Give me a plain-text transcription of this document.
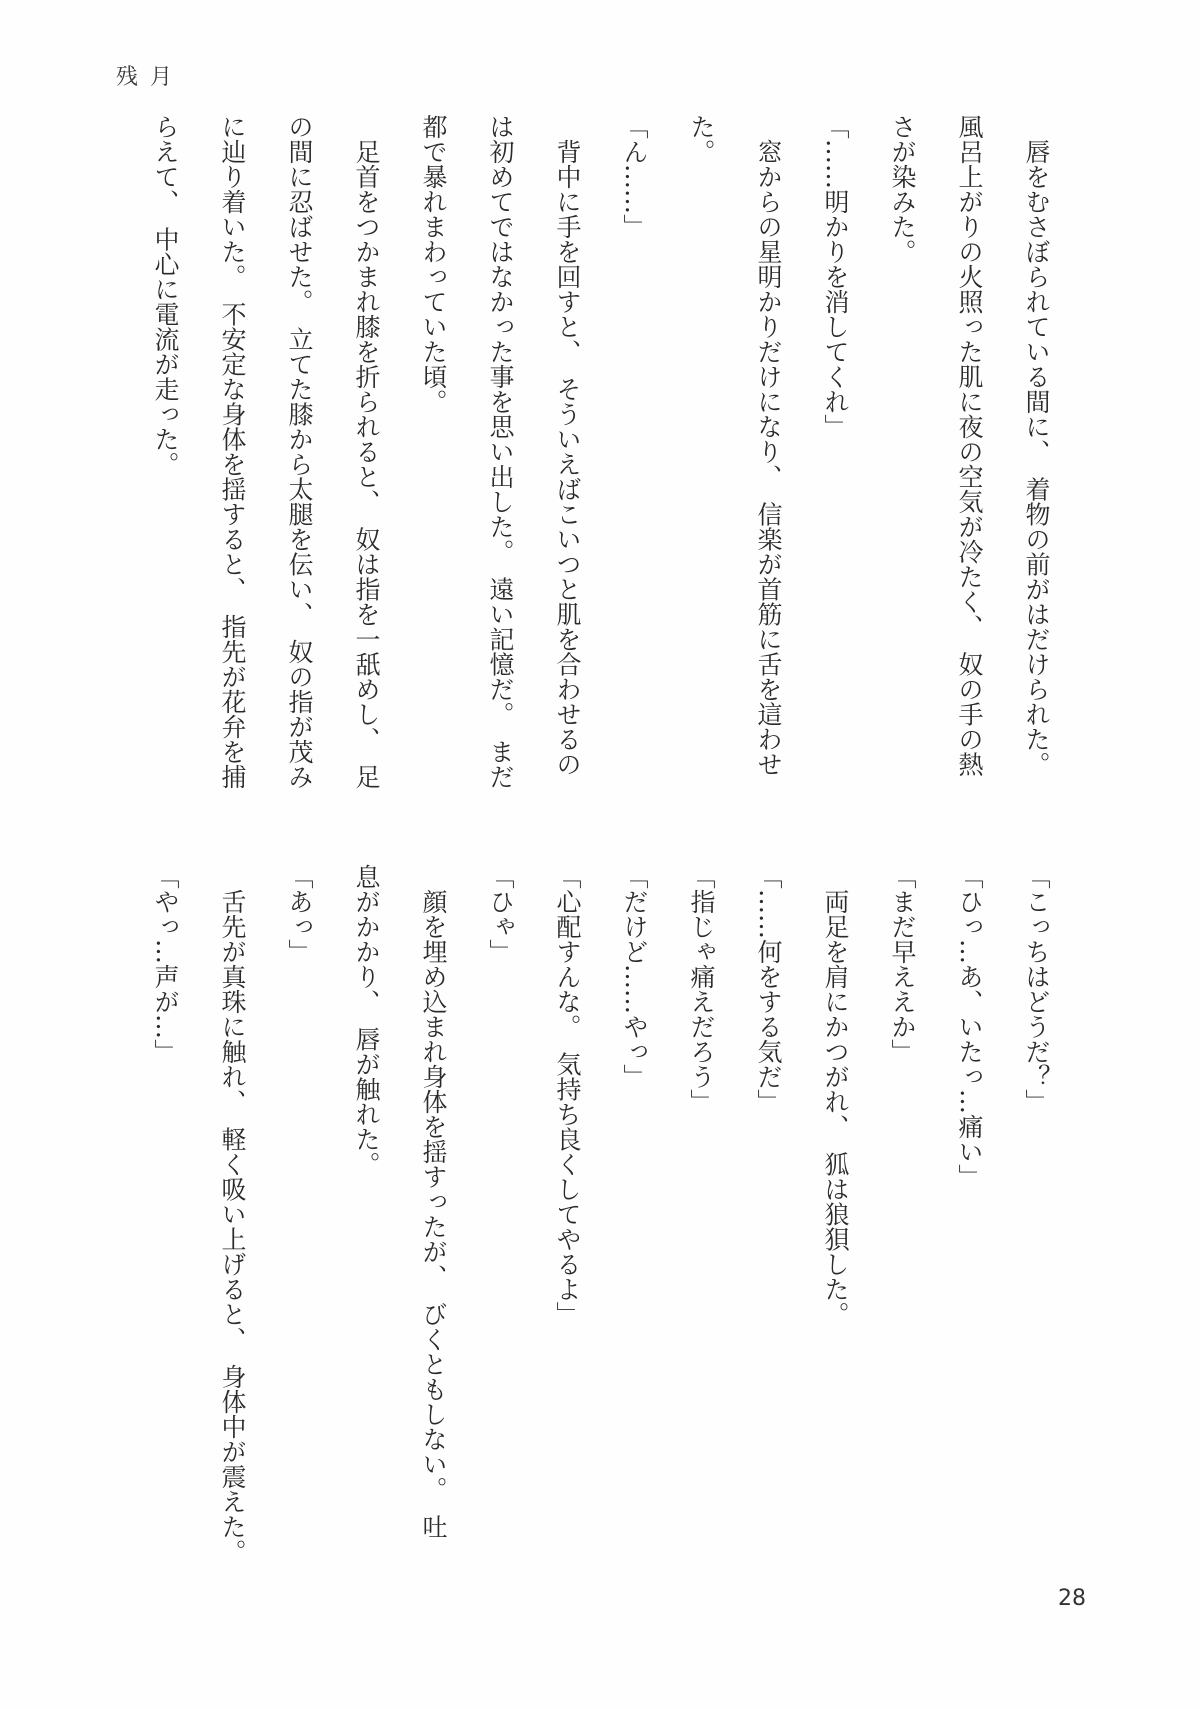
残月
唇をむさぼられている間に、　着物の前がはだけられた。
風呂上がりの火照った肌に夜の空気が冷たく、　奴の手の熱
さが染みた。
「……明かりを消してくれ」
窓からの星明かりだけになり、　信楽が首筋に舌を這わせ
た。
「ん……」
背中に手を回すと、　そういえばこいつと肌を合わせるの
は初めてではなかった事を思い出した。　遠い記憶だ。　まだ
都で暴れまわっていた頃。
足首をつかまれ膝を折られると、　奴は指を一舐めし、　足
の間に忍ばせた。　立てた膝から太腿を伝い、　奴の指が茂み
に辿り着いた。　不安定な身体を揺すると、　指先が花弁を捕
らえて、　中心に電流が走った。
「こっちはどうだ？」
「ひっ…あ、いたっ…痛い」
「まだ早ええか」
両足を肩にかつがれ、　狐は狼狽した。
「……何をする気だ」
「指じゃ痛えだろう」
「だけど……やっ」
「心配すんな。　気持ち良くしてやるよ」
「ひゃ」
顔を埋め込まれ身体を揺すったが、　びくともしない。　吐
息がかかり、　唇が触れた。
「あっ」
舌先が真珠に触れ、　軽く吸い上げると、　身体中が震えた。
「やっ…声が…」
28
